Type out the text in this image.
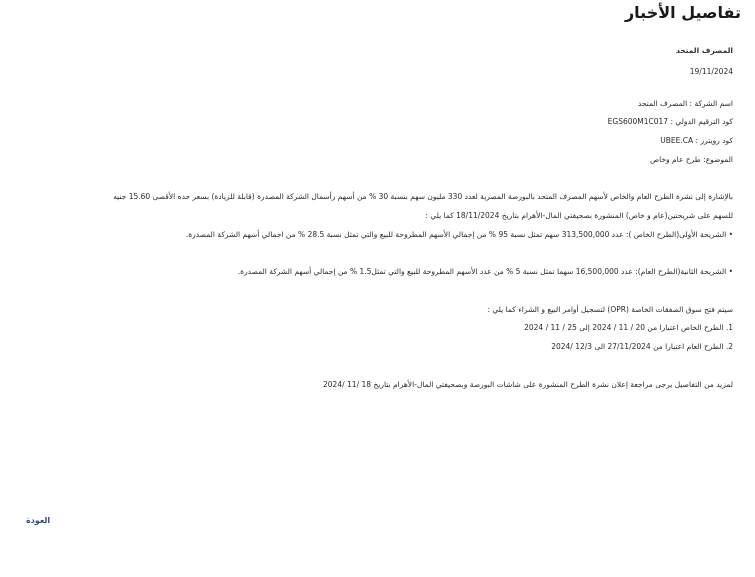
تفاصيل الأخبار
المصرف المتحد
19/11/2024
اسم الشركة : المصرف المتحد
كود الترقيم الدولي : EGS600M1C017
كود رويترز : UBEE.CA
الموضوع: طرح عام وخاص
بالإشارة إلى نشرة الطرح العام والخاص لأسهم المصرف المتحد بالبورصة المصرية لعدد 330 مليون سهم بنسبة 30 % من أسهم رأسمال الشركة المصدرة (قابلة للزيادة) بسعر حده الأقصى 15.60 جنيه
للسهم على شريحتين(عام و خاص) المنشورة بصحيفتي المال-الأهرام بتاريخ 18/11/2024 كما يلي :
• الشريحة الأولى(الطرح الخاص ): عدد 313,500,000 سهم تمثل نسبة 95 % من إجمالي الأسهم المطروحة للبيع والتي تمثل نسبة 28.5 % من اجمالي أسهم الشركة المصدرة.
• الشريحة الثانية(الطرح العام): عدد 16,500,000 سهما تمثل نسبة 5 % من عدد الأسهم المطروحة للبيع والتي تمثل1.5 % من إجمالي أسهم الشركة المصدرة.
سيتم فتح سوق الصفقات الخاصة (OPR) لتسجيل أوامر البيع و الشراء كما يلي :
1. الطرح الخاص اعتبارا من 20 / 11 / 2024 إلى 25 / 11 / 2024
2. الطرح العام اعتبارا من 27/11/2024 الى 12/3 /2024
لمزيد من التفاصيل يرجى مراجعة إعلان نشرة الطرح المنشورة على شاشات البورصة وبصحيفتي المال-الأهرام بتاريخ 18 /11 /2024
العودة
